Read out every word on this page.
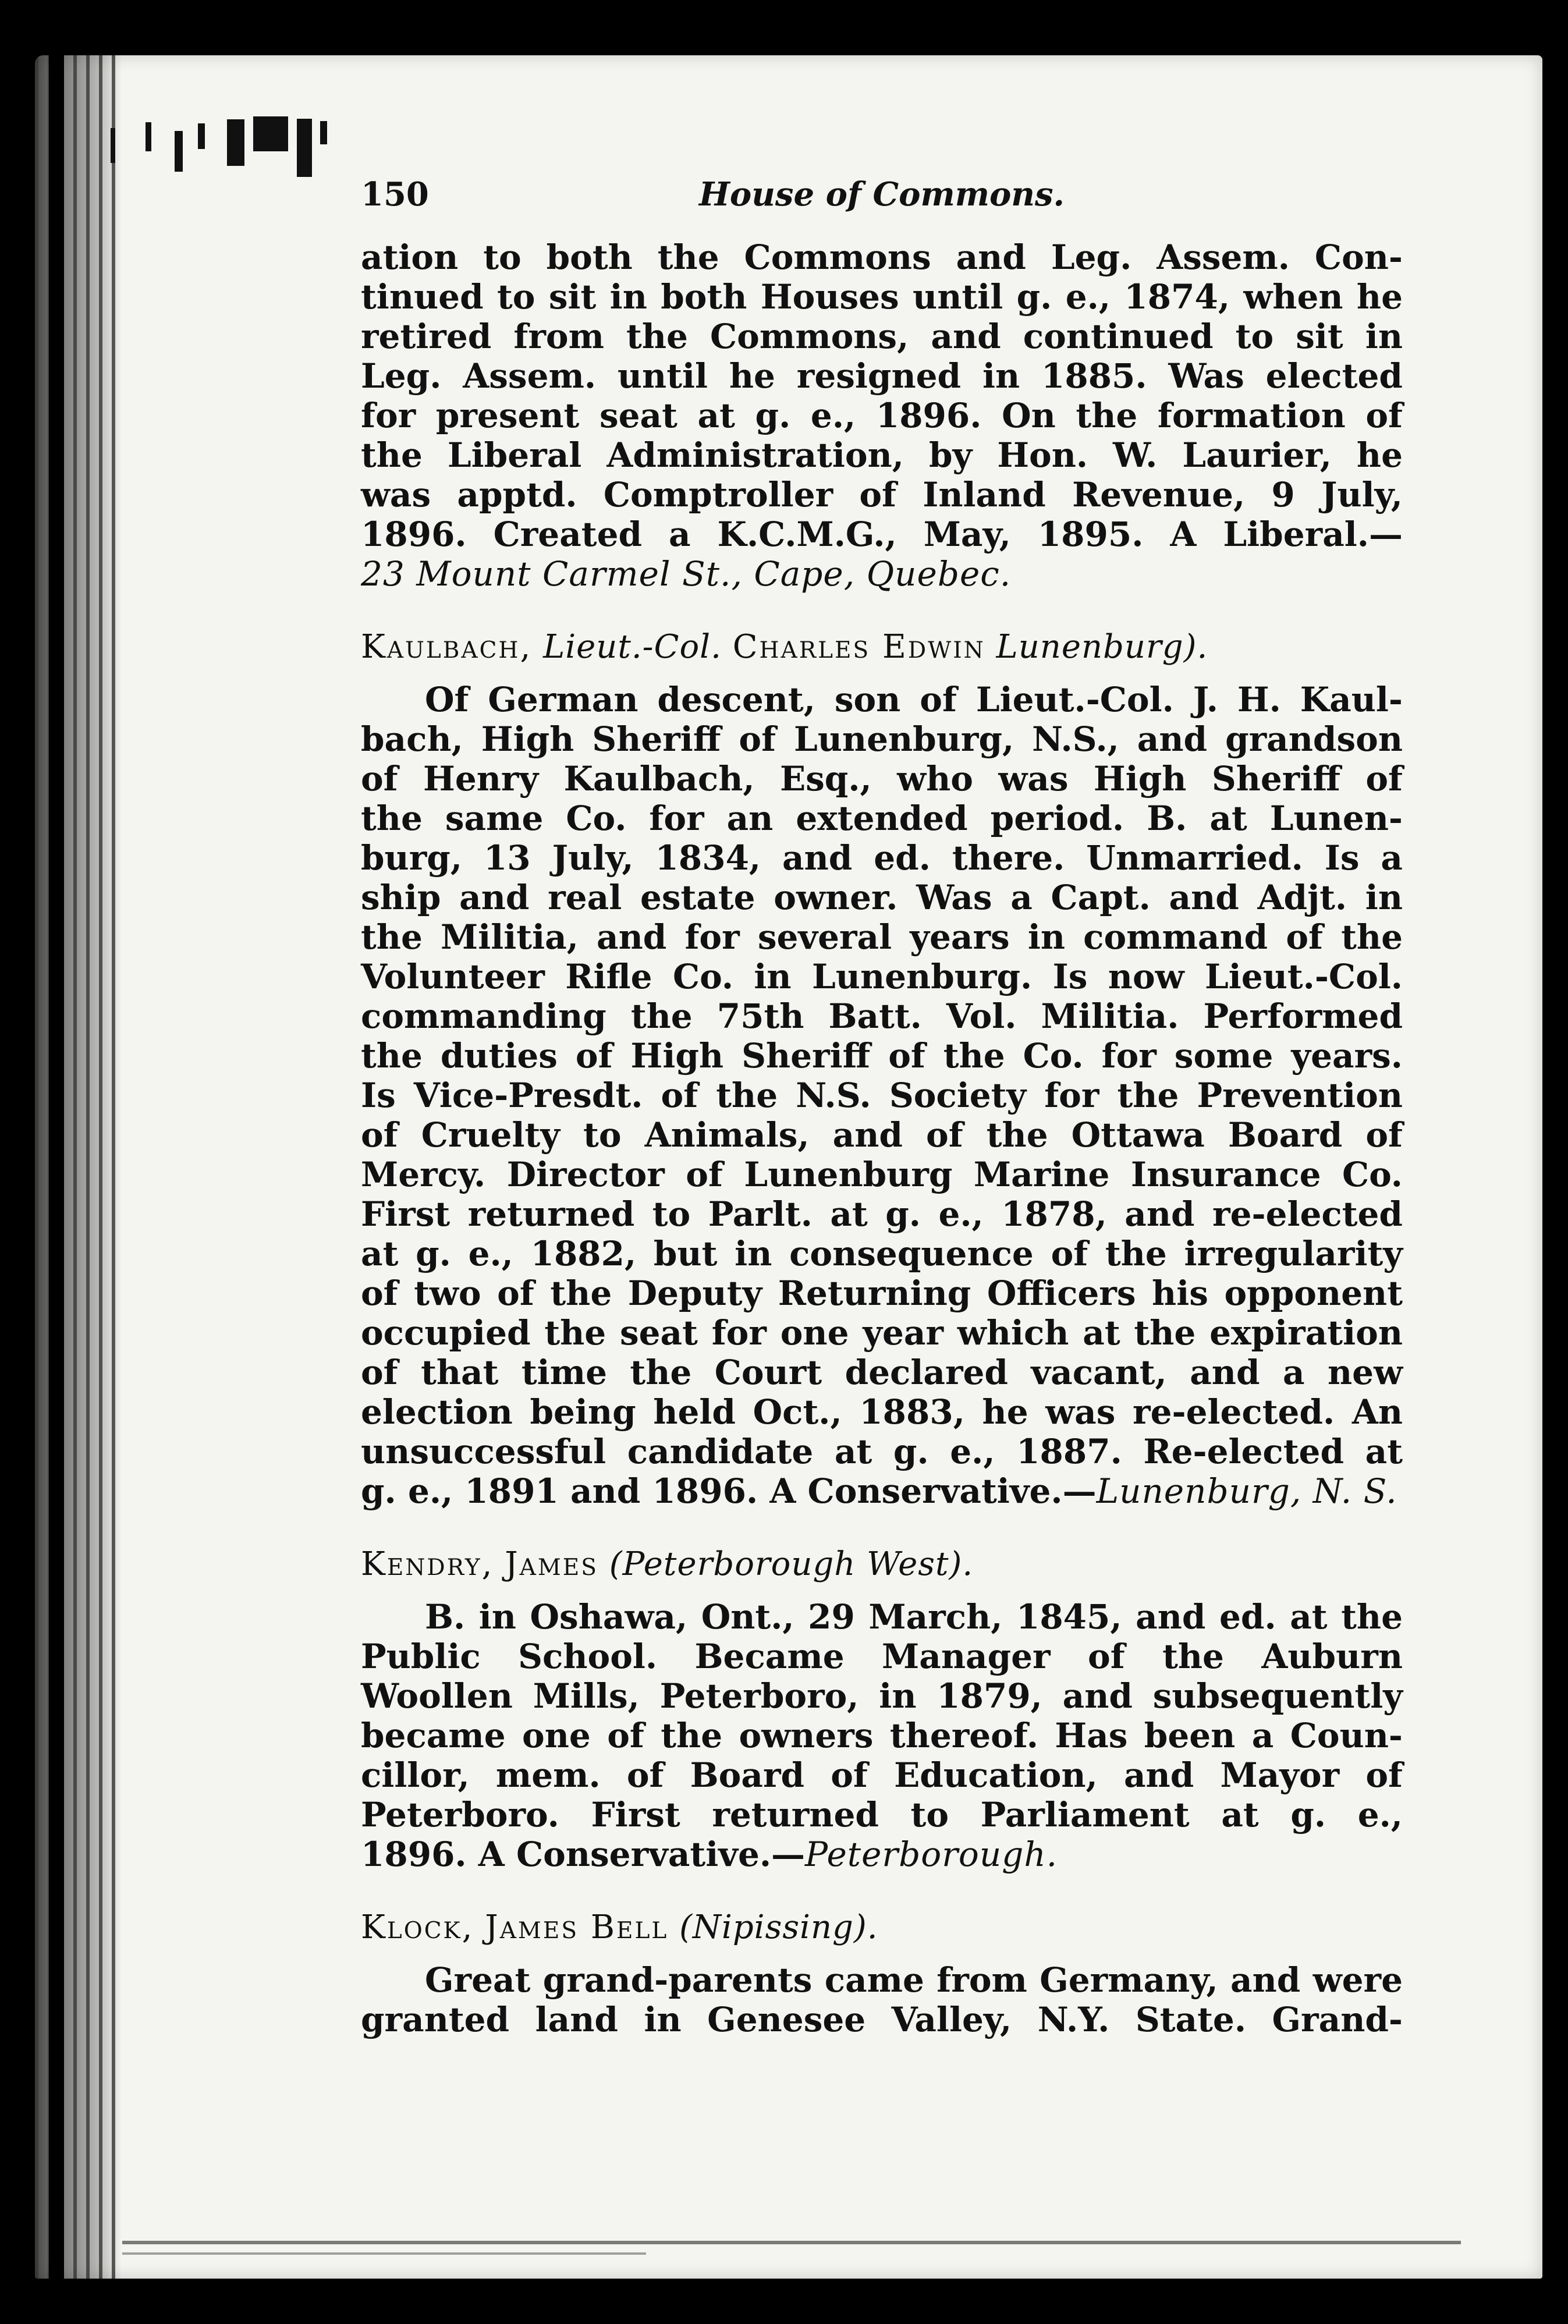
150	House of Commons.
ation to both the Commons and Leg. Assem. Con-
tinued to sit in both Houses until g. e., 1874, when he
retired from the Commons, and continued to sit in
Leg. Assem. until he resigned in 1885. Was elected
for present seat at g. e., 1896. On the formation of
the Liberal Administration, by Hon. W. Laurier, he
was apptd. Comptroller of Inland Revenue, 9 July,
1896. Created a K.C.M.G., May, 1895. A Liberal.—
23 Mount Carmel St., Cape, Quebec.
Kaulbach, Lieut.-Col. Charles Edwin Lunenburg).
Of German descent, son of Lieut.-Col. J. H. Kaul-
bach, High Sheriff of Lunenburg, N.S., and grandson
of Henry Kaulbach, Esq., who was High Sheriff of
the same Co. for an extended period. B. at Lunen-
burg, 13 July, 1834, and ed. there. Unmarried. Is a
ship and real estate owner. Was a Capt. and Adjt. in
the Militia, and for several years in command of the
Volunteer Rifle Co. in Lunenburg. Is now Lieut.-Col.
commanding the 75th Batt. Vol. Militia. Performed
the duties of High Sheriff of the Co. for some years.
Is Vice-Presdt. of the N.S. Society for the Prevention
of Cruelty to Animals, and of the Ottawa Board of
Mercy. Director of Lunenburg Marine Insurance Co.
First returned to Parlt. at g. e., 1878, and re-elected
at g. e., 1882, but in consequence of the irregularity
of two of the Deputy Returning Officers his opponent
occupied the seat for one year which at the expiration
of that time the Court declared vacant, and a new
election being held Oct., 1883, he was re-elected. An
unsuccessful candidate at g. e., 1887. Re-elected at
g. e., 1891 and 1896. A Conservative.—Lunenburg, N. S.
Kendry, James (Peterborough West).
B. in Oshawa, Ont., 29 March, 1845, and ed. at the
Public School. Became Manager of the Auburn
Woollen Mills, Peterboro, in 1879, and subsequently
became one of the owners thereof. Has been a Coun-
cillor, mem. of Board of Education, and Mayor of
Peterboro. First returned to Parliament at g. e.,
1896. A Conservative.—Peterborough.
Klock, James Bell (Nipissing).
Great grand-parents came from Germany, and were
granted land in Genesee Valley, N.Y. State. Grand-
